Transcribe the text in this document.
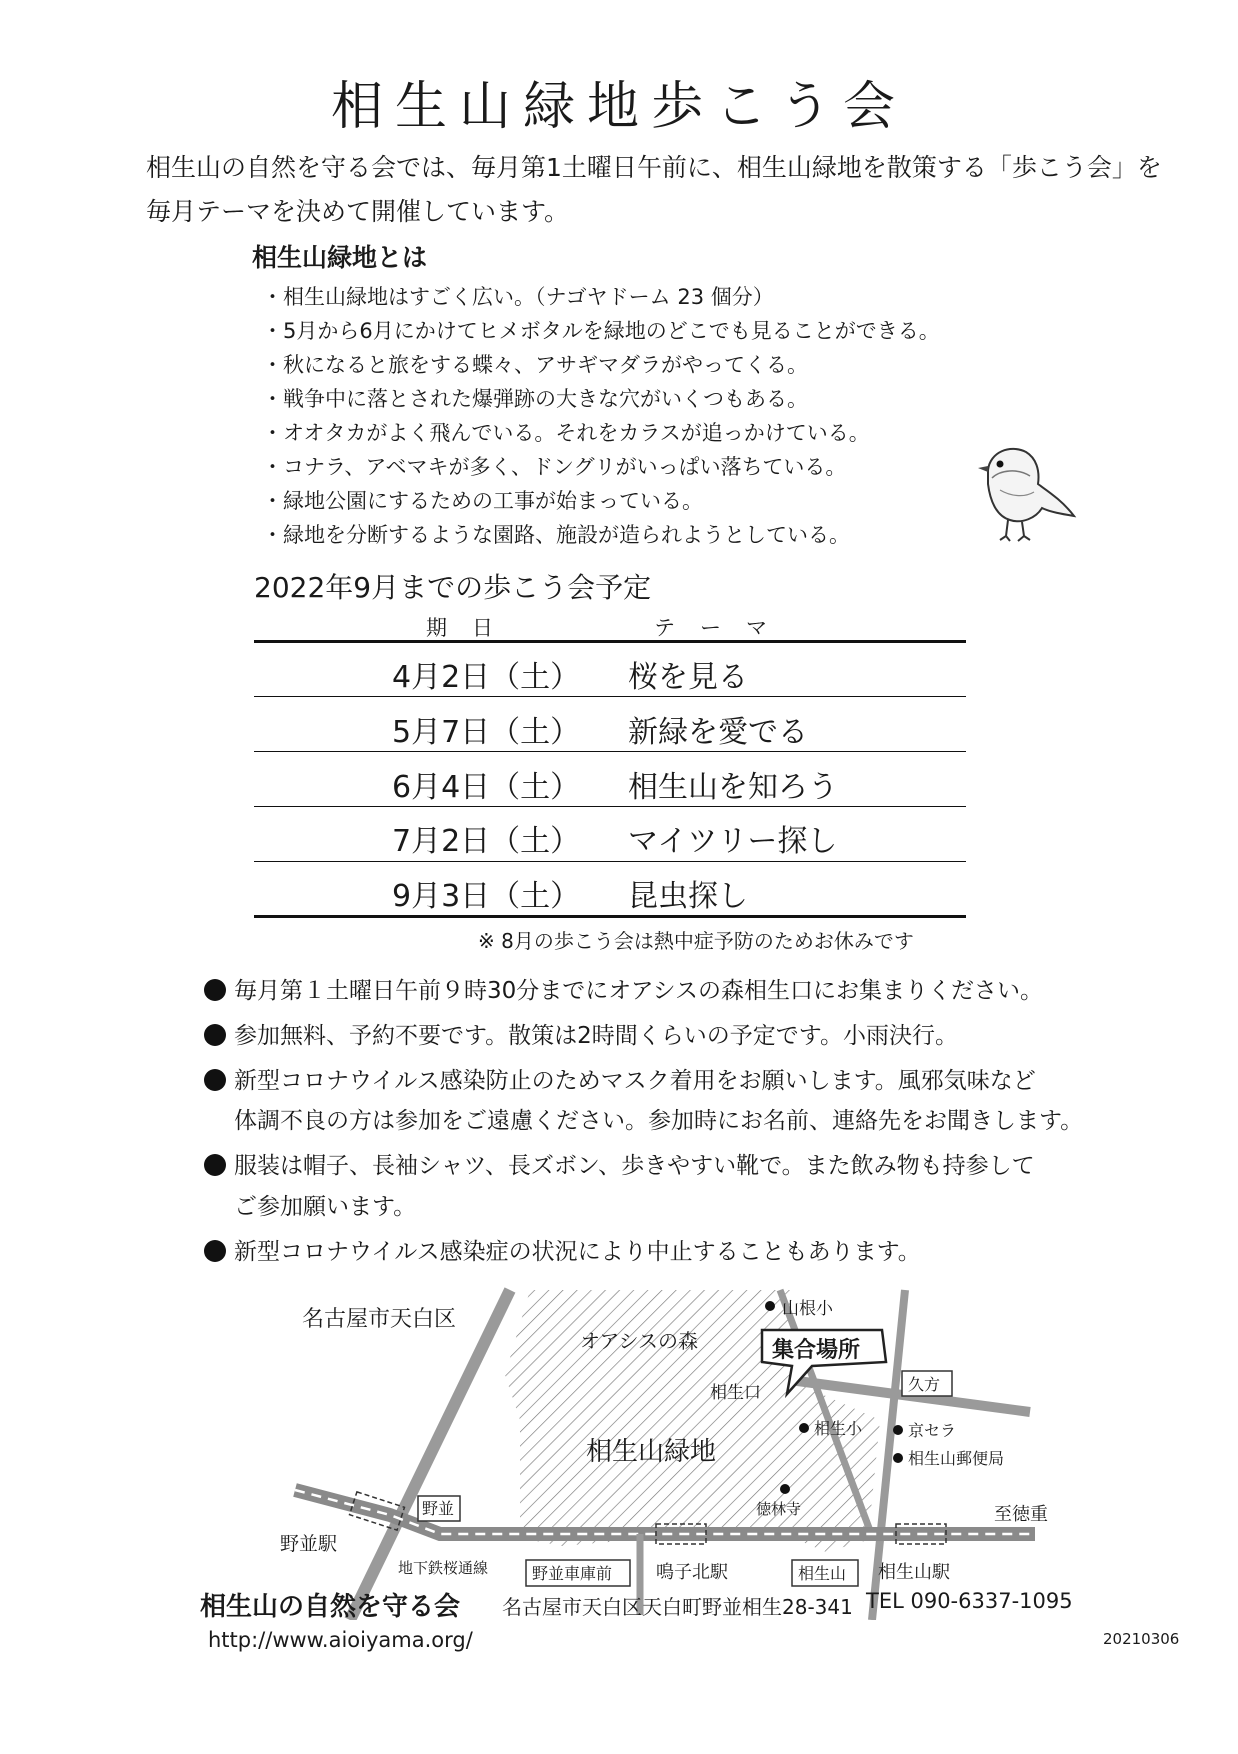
相生山緑地歩こう会
相生山の自然を守る会では、毎月第1土曜日午前に、相生山緑地を散策する「歩こう会」を
毎月テーマを決めて開催しています。
相生山緑地とは
・相生山緑地はすごく広い。（ナゴヤドーム 23 個分）
・5月から6月にかけてヒメボタルを緑地のどこでも見ることができる。
・秋になると旅をする蝶々、アサギマダラがやってくる。
・戦争中に落とされた爆弾跡の大きな穴がいくつもある。
・オオタカがよく飛んでいる。それをカラスが追っかけている。
・コナラ、アベマキが多く、ドングリがいっぱい落ちている。
・緑地公園にするための工事が始まっている。
・緑地を分断するような園路、施設が造られようとしている。
2022年9月までの歩こう会予定
期　日	テ　ー　マ
4月2日（土） 桜を見る
5月7日（土） 新緑を愛でる
6月4日（土） 相生山を知ろう
7月2日（土） マイツリー探し
9月3日（土） 昆虫探し
※ 8月の歩こう会は熱中症予防のためお休みです
毎月第１土曜日午前９時30分までにオアシスの森相生口にお集まりください。
参加無料、予約不要です。散策は2時間くらいの予定です。小雨決行。
新型コロナウイルス感染防止のためマスク着用をお願いします。風邪気味など
体調不良の方は参加をご遠慮ください。参加時にお名前、連絡先をお聞きします。
服装は帽子、長袖シャツ、長ズボン、歩きやすい靴で。また飲み物も持参して
ご参加願います。
新型コロナウイルス感染症の状況により中止することもあります。
名古屋市天白区
オアシスの森
山根小
集合場所
相生口	久方
相生小	京セラ
相生山郵便局
相生山緑地
徳林寺	至徳重
野並
野並駅
地下鉄桜通線	野並車庫前 鳴子北駅	相生山 相生山駅
相生山の自然を守る会 名古屋市天白区天白町野並相生28-341 TEL 090-6337-1095
http://www.aioiyama.org/	20210306
